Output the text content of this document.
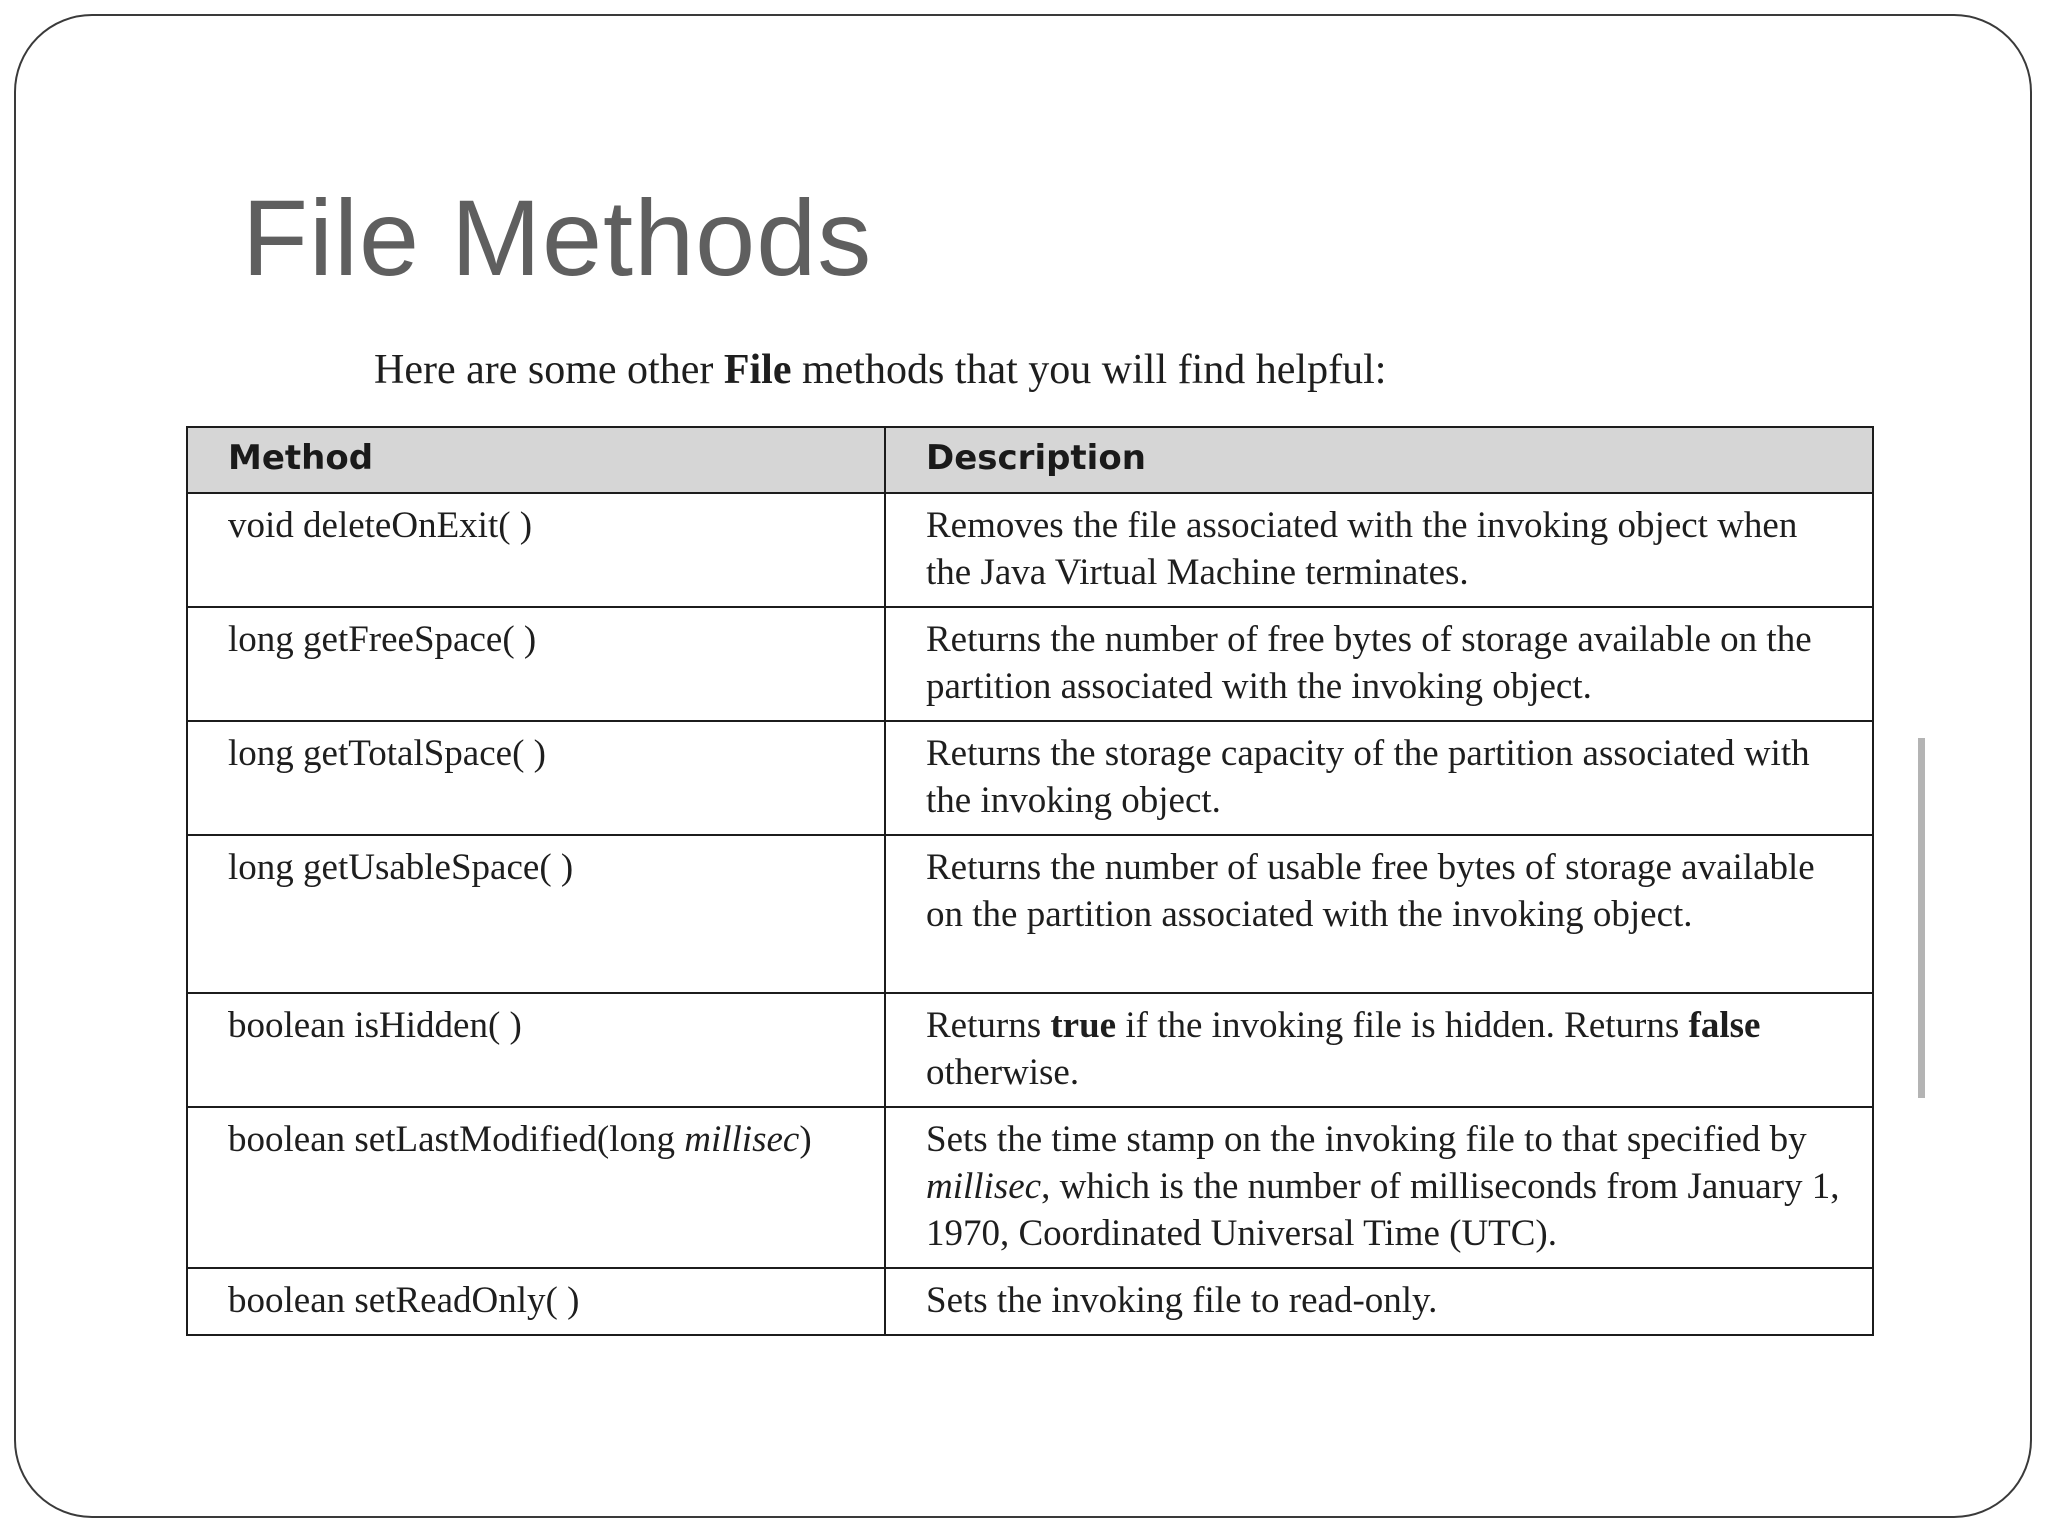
File Methods

Here are some other File methods that you will find helpful:

Method	Description
void deleteOnExit( )	Removes the file associated with the invoking object when the Java Virtual Machine terminates.
long getFreeSpace( )	Returns the number of free bytes of storage available on the partition associated with the invoking object.
long getTotalSpace( )	Returns the storage capacity of the partition associated with the invoking object.
long getUsableSpace( )	Returns the number of usable free bytes of storage available on the partition associated with the invoking object.
boolean isHidden( )	Returns true if the invoking file is hidden. Returns false otherwise.
boolean setLastModified(long millisec)	Sets the time stamp on the invoking file to that specified by millisec, which is the number of milliseconds from January 1, 1970, Coordinated Universal Time (UTC).
boolean setReadOnly( )	Sets the invoking file to read-only.
